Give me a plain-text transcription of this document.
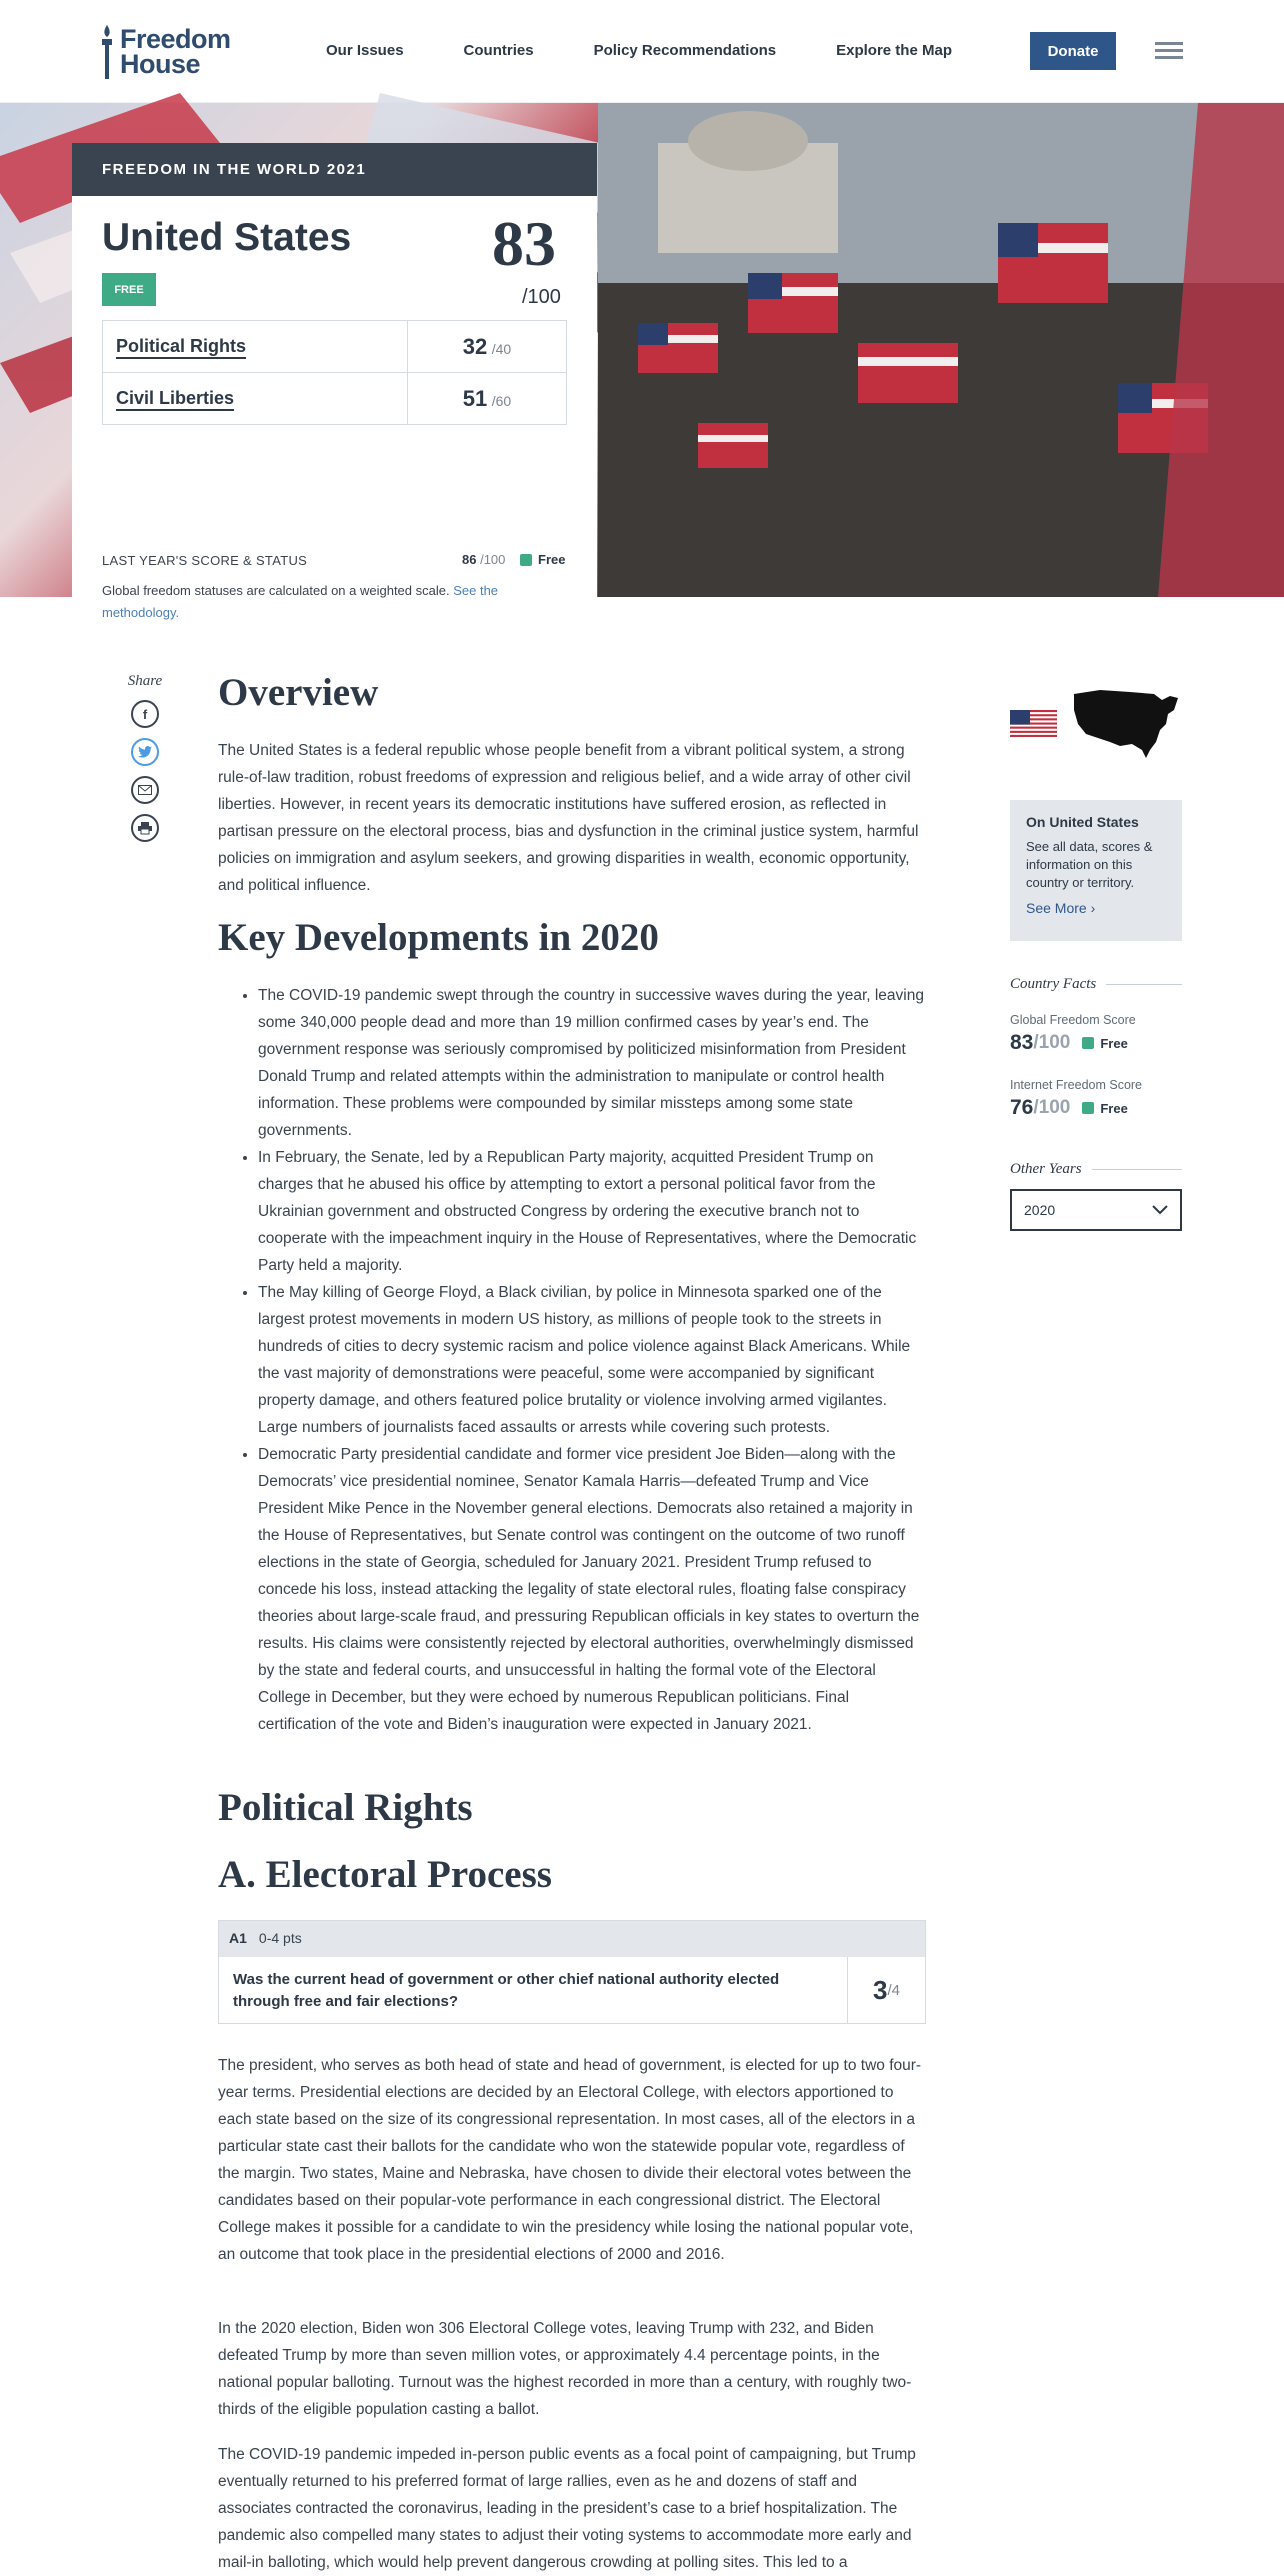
Freedom
House	Our Issues	Countries	Policy Recommendations	Explore the Map	Donate
FREEDOM IN THE WORLD 2021
United States
FREE
83
/100
Political Rights	32 /40
Civil Liberties	51 /60
LAST YEAR'S SCORE & STATUS	86 /100	Free
Global freedom statuses are calculated on a weighted scale. See the methodology.
Share
f	Overview

The United States is a federal republic whose people benefit from a vibrant political system, a strong rule-of-law tradition, robust freedoms of expression and religious belief, and a wide array of other civil liberties. However, in recent years its democratic institutions have suffered erosion, as reflected in partisan pressure on the electoral process, bias and dysfunction in the criminal justice system, harmful policies on immigration and asylum seekers, and growing disparities in wealth, economic opportunity, and political influence.

Key Developments in 2020
• The COVID-19 pandemic swept through the country in successive waves during the year, leaving some 340,000 people dead and more than 19 million confirmed cases by year’s end. The government response was seriously compromised by politicized misinformation from President Donald Trump and related attempts within the administration to manipulate or control health information. These problems were compounded by similar missteps among some state governments.
• In February, the Senate, led by a Republican Party majority, acquitted President Trump on charges that he abused his office by attempting to extort a personal political favor from the Ukrainian government and obstructed Congress by ordering the executive branch not to cooperate with the impeachment inquiry in the House of Representatives, where the Democratic Party held a majority.
• The May killing of George Floyd, a Black civilian, by police in Minnesota sparked one of the largest protest movements in modern US history, as millions of people took to the streets in hundreds of cities to decry systemic racism and police violence against Black Americans. While the vast majority of demonstrations were peaceful, some were accompanied by significant property damage, and others featured police brutality or violence involving armed vigilantes. Large numbers of journalists faced assaults or arrests while covering such protests.
• Democratic Party presidential candidate and former vice president Joe Biden—along with the Democrats’ vice presidential nominee, Senator Kamala Harris—defeated Trump and Vice President Mike Pence in the November general elections. Democrats also retained a majority in the House of Representatives, but Senate control was contingent on the outcome of two runoff elections in the state of Georgia, scheduled for January 2021. President Trump refused to concede his loss, instead attacking the legality of state electoral rules, floating false conspiracy theories about large-scale fraud, and pressuring Republican officials in key states to overturn the results. His claims were consistently rejected by electoral authorities, overwhelmingly dismissed by the state and federal courts, and unsuccessful in halting the formal vote of the Electoral College in December, but they were echoed by numerous Republican politicians. Final certification of the vote and Biden’s inauguration were expected in January 2021.
Political Rights
A. Electoral Process
A1 0-4 pts
Was the current head of government or other chief national authority elected through free and fair elections?	3 /4

The president, who serves as both head of state and head of government, is elected for up to two four-year terms. Presidential elections are decided by an Electoral College, with electors apportioned to each state based on the size of its congressional representation. In most cases, all of the electors in a particular state cast their ballots for the candidate who won the statewide popular vote, regardless of the margin. Two states, Maine and Nebraska, have chosen to divide their electoral votes between the candidates based on their popular-vote performance in each congressional district. The Electoral College makes it possible for a candidate to win the presidency while losing the national popular vote, an outcome that took place in the presidential elections of 2000 and 2016.

In the 2020 election, Biden won 306 Electoral College votes, leaving Trump with 232, and Biden defeated Trump by more than seven million votes, or approximately 4.4 percentage points, in the national popular balloting. Turnout was the highest recorded in more than a century, with roughly two-thirds of the eligible population casting a ballot.

The COVID-19 pandemic impeded in-person public events as a focal point of campaigning, but Trump eventually returned to his preferred format of large rallies, even as he and dozens of staff and associates contracted the coronavirus, leading in the president’s case to a brief hospitalization. The pandemic also compelled many states to adjust their voting systems to accommodate more early and mail-in balloting, which would help prevent dangerous crowding at polling sites. This led to a

On United States
See all data, scores & information on this country or territory.
See More ›
Country Facts
Global Freedom Score
83 /100 Free
Internet Freedom Score
76 /100 Free
Other Years
2020
